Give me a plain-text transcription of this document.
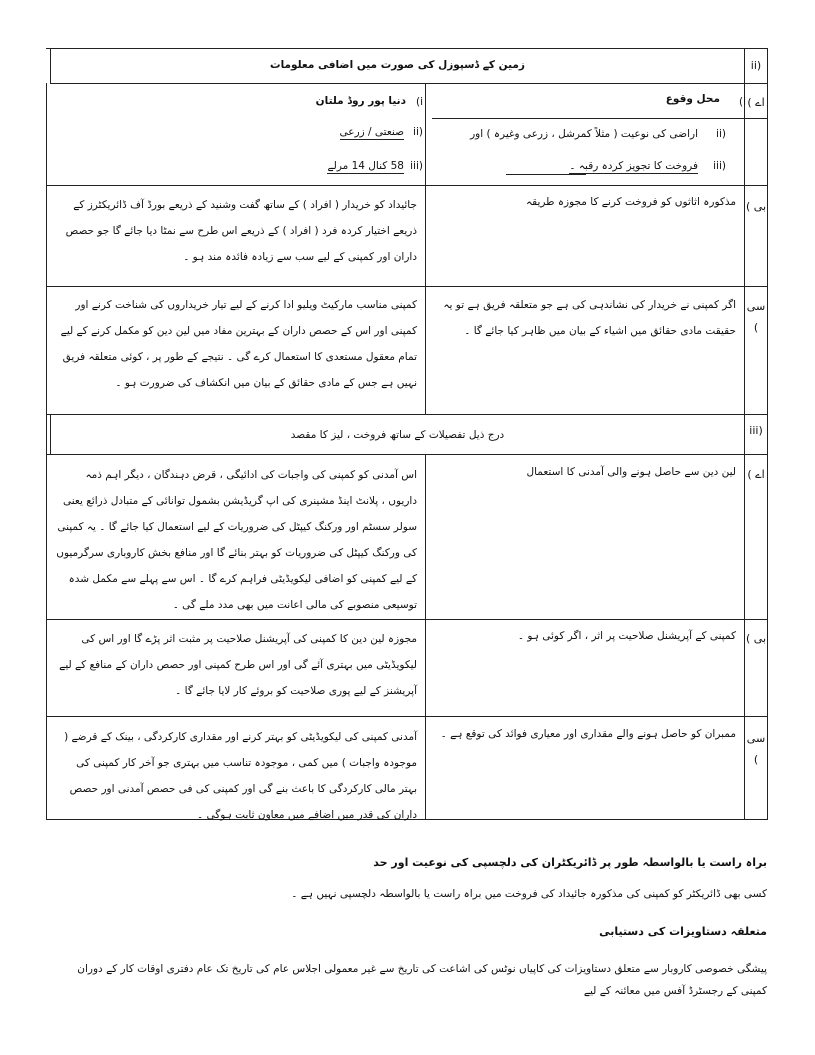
زمین کے ڈسپوزل کی صورت میں اضافی معلومات	(ii
اے )
i)
محل وقوع
(ii
اراضی کی نوعیت ( مثلاً کمرشل ، زرعی وغیرہ ) اور
(iii
فروخت کا تجویز کردہ رقبہ ۔
i)
دنیا پور روڈ ملتان
(ii
صنعتی / زرعی
(iii
58 کنال 14 مرلے
بی )
مذکورہ اثاثوں کو فروخت کرنے کا مجوزہ طریقہ
جائیداد کو خریدار ( افراد ) کے ساتھ گفت وشنید کے ذریعے بورڈ آف ڈائریکٹرز کے ذریعے اختیار کردہ فرد ( افراد ) کے ذریعے اس طرح سے نمٹا دیا جائے گا جو حصص داران اور کمپنی کے لیے سب سے زیادہ فائدہ مند ہو ۔
سی )
اگر کمپنی نے خریدار کی نشاندہی کی ہے جو متعلقہ فریق ہے تو یہ حقیقت مادی حقائق میں اشیاء کے بیان میں ظاہر کیا جائے گا ۔
کمپنی مناسب مارکیٹ ویلیو ادا کرنے کے لیے تیار خریداروں کی شناخت کرنے اور کمپنی اور اس کے حصص داران کے بہترین مفاد میں لین دین کو مکمل کرنے کے لیے تمام معقول مستعدی کا استعمال کرے گی ۔ نتیجے کے طور پر ، کوئی متعلقہ فریق نہیں ہے جس کے مادی حقائق کے بیان میں انکشاف کی ضرورت ہو ۔
درج ذیل تفصیلات کے ساتھ فروخت ، لیز کا مقصد	(iii
اے )
لین دین سے حاصل ہونے والی آمدنی کا استعمال
اس آمدنی کو کمپنی کی واجبات کی ادائیگی ، قرض دہندگان ، دیگر اہم ذمہ داریوں ، پلانٹ اینڈ مشینری کی اپ گریڈیشن بشمول توانائی کے متبادل ذرائع یعنی سولر سسٹم اور ورکنگ کیپٹل کی ضروریات کے لیے استعمال کیا جائے گا ۔ یہ کمپنی کی ورکنگ کیپٹل کی ضروریات کو بہتر بنائے گا اور منافع بخش کاروباری سرگرمیوں کے لیے کمپنی کو اضافی لیکویڈیٹی فراہم کرے گا ۔ اس سے پہلے سے مکمل شدہ توسیعی منصوبے کی مالی اعانت میں بھی مدد ملے گی ۔
بی )
کمپنی کے آپریشنل صلاحیت پر اثر ، اگر کوئی ہو ۔
مجوزہ لین دین کا کمپنی کی آپریشنل صلاحیت پر مثبت اثر پڑے گا اور اس کی لیکویڈیٹی میں بہتری آئے گی اور اس طرح کمپنی اور حصص داران کے منافع کے لیے آپریشنز کے لیے پوری صلاحیت کو بروئے کار لایا جائے گا ۔
سی )
ممبران کو حاصل ہونے والے مقداری اور معیاری فوائد کی توقع ہے ۔
آمدنی کمپنی کی لیکویڈیٹی کو بہتر کرنے اور مقداری کارکردگی ، بینک کے قرضے ( موجودہ واجبات ) میں کمی ، موجودہ تناسب میں بہتری جو آخر کار کمپنی کی بہتر مالی کارکردگی کا باعث بنے گی اور کمپنی کی فی حصص آمدنی اور حصص داران کی قدر میں اضافے میں معاون ثابت ہوگی ۔
براہ راست یا بالواسطہ طور پر ڈائریکٹران کی دلچسپی کی نوعیت اور حد
کسی بھی ڈائریکٹر کو کمپنی کی مذکورہ جائیداد کی فروخت میں براہ راست یا بالواسطہ دلچسپی نہیں ہے ۔
متعلقہ دستاویزات کی دستیابی
پیشگی خصوصی کاروبار سے متعلق دستاویزات کی کاپیاں نوٹس کی اشاعت کی تاریخ سے غیر معمولی اجلاس عام کی تاریخ تک عام دفتری اوقات کار کے دوران کمپنی کے رجسٹرڈ آفس میں معائنہ کے لیے
